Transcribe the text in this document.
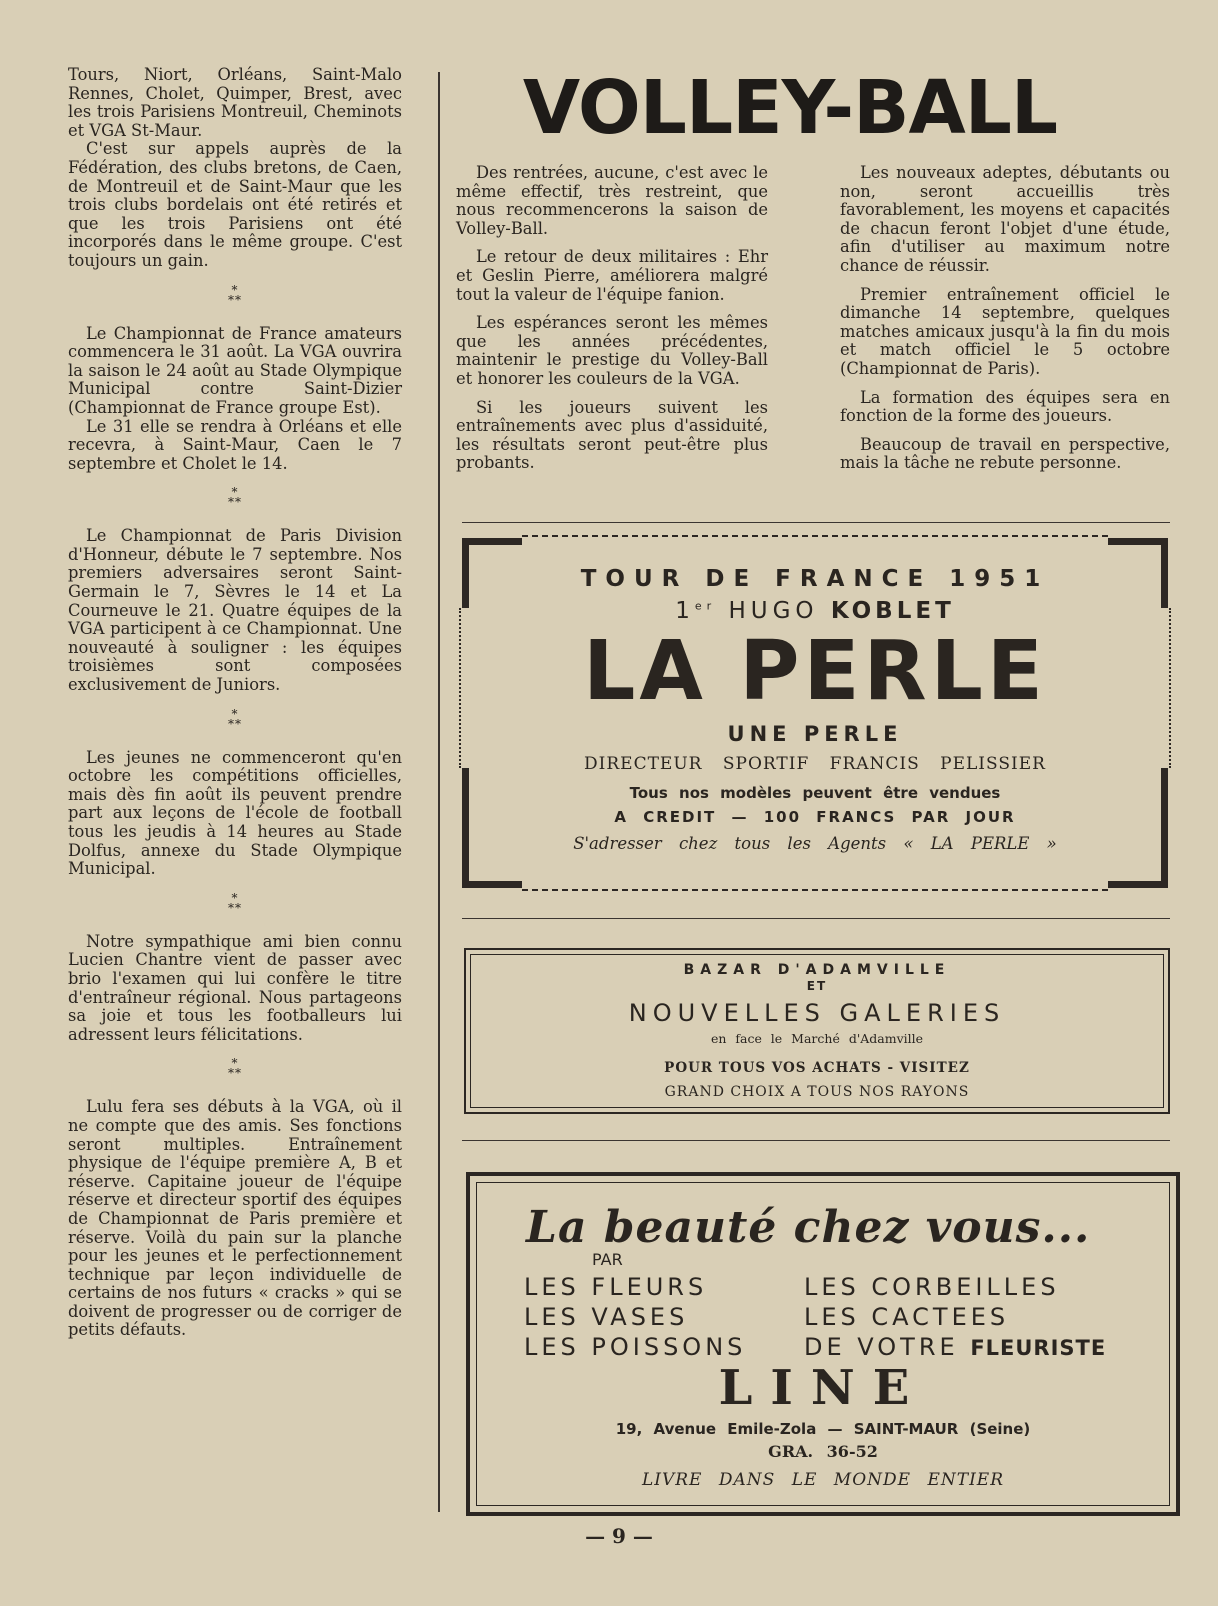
Tours, Niort, Orléans, Saint-Malo Rennes, Cholet, Quimper, Brest, avec les trois Parisiens Montreuil, Cheminots et VGA St-Maur.

C'est sur appels auprès de la Fédération, des clubs bretons, de Caen, de Montreuil et de Saint-Maur que les trois clubs bordelais ont été retirés et que les trois Parisiens ont été incorporés dans le même groupe. C'est toujours un gain.

*
**

Le Championnat de France amateurs commencera le 31 août. La VGA ouvrira la saison le 24 août au Stade Olympique Municipal contre Saint-Dizier (Championnat de France groupe Est).

Le 31 elle se rendra à Orléans et elle recevra, à Saint-Maur, Caen le 7 septembre et Cholet le 14.

*
**

Le Championnat de Paris Division d'Honneur, débute le 7 septembre. Nos premiers adversaires seront Saint-Germain le 7, Sèvres le 14 et La Courneuve le 21. Quatre équipes de la VGA participent à ce Championnat. Une nouveauté à souligner : les équipes troisièmes sont composées exclusivement de Juniors.

*
**

Les jeunes ne commenceront qu'en octobre les compétitions officielles, mais dès fin août ils peuvent prendre part aux leçons de l'école de football tous les jeudis à 14 heures au Stade Dolfus, annexe du Stade Olympique Municipal.

*
**

Notre sympathique ami bien connu Lucien Chantre vient de passer avec brio l'examen qui lui confère le titre d'entraîneur régional. Nous partageons sa joie et tous les footballeurs lui adressent leurs félicitations.

*
**

Lulu fera ses débuts à la VGA, où il ne compte que des amis. Ses fonctions seront multiples. Entraînement physique de l'équipe première A, B et réserve. Capitaine joueur de l'équipe réserve et directeur sportif des équipes de Championnat de Paris première et réserve. Voilà du pain sur la planche pour les jeunes et le perfectionnement technique par leçon individuelle de certains de nos futurs « cracks » qui se doivent de progresser ou de corriger de petits défauts.

VOLLEY-BALL

Des rentrées, aucune, c'est avec le même effectif, très restreint, que nous recommencerons la saison de Volley-Ball.

Le retour de deux militaires : Ehr et Geslin Pierre, améliorera malgré tout la valeur de l'équipe fanion.

Les espérances seront les mêmes que les années précédentes, maintenir le prestige du Volley-Ball et honorer les couleurs de la VGA.

Si les joueurs suivent les entraînements avec plus d'assiduité, les résultats seront peut-être plus probants.

Les nouveaux adeptes, débutants ou non, seront accueillis très favorablement, les moyens et capacités de chacun feront l'objet d'une étude, afin d'utiliser au maximum notre chance de réussir.

Premier entraînement officiel le dimanche 14 septembre, quelques matches amicaux jusqu'à la fin du mois et match officiel le 5 octobre (Championnat de Paris).

La formation des équipes sera en fonction de la forme des joueurs.

Beaucoup de travail en perspective, mais la tâche ne rebute personne.

TOUR DE FRANCE 1951
1er HUGO KOBLET
LA PERLE
UNE PERLE
DIRECTEUR SPORTIF FRANCIS PELISSIER
Tous nos modèles peuvent être vendues
A CREDIT — 100 FRANCS PAR JOUR
S'adresser chez tous les Agents « LA PERLE »
BAZAR D'ADAMVILLE
ET
NOUVELLES GALERIES
en face le Marché d'Adamville
POUR TOUS VOS ACHATS - VISITEZ
GRAND CHOIX A TOUS NOS RAYONS
La beauté chez vous...
PAR
LES FLEURS	LES CORBEILLES
LES VASES	LES CACTEES
LES POISSONS	DE VOTRE FLEURISTE
LINE
19, Avenue Emile-Zola — SAINT-MAUR (Seine)
GRA. 36-52
LIVRE DANS LE MONDE ENTIER
— 9 —
